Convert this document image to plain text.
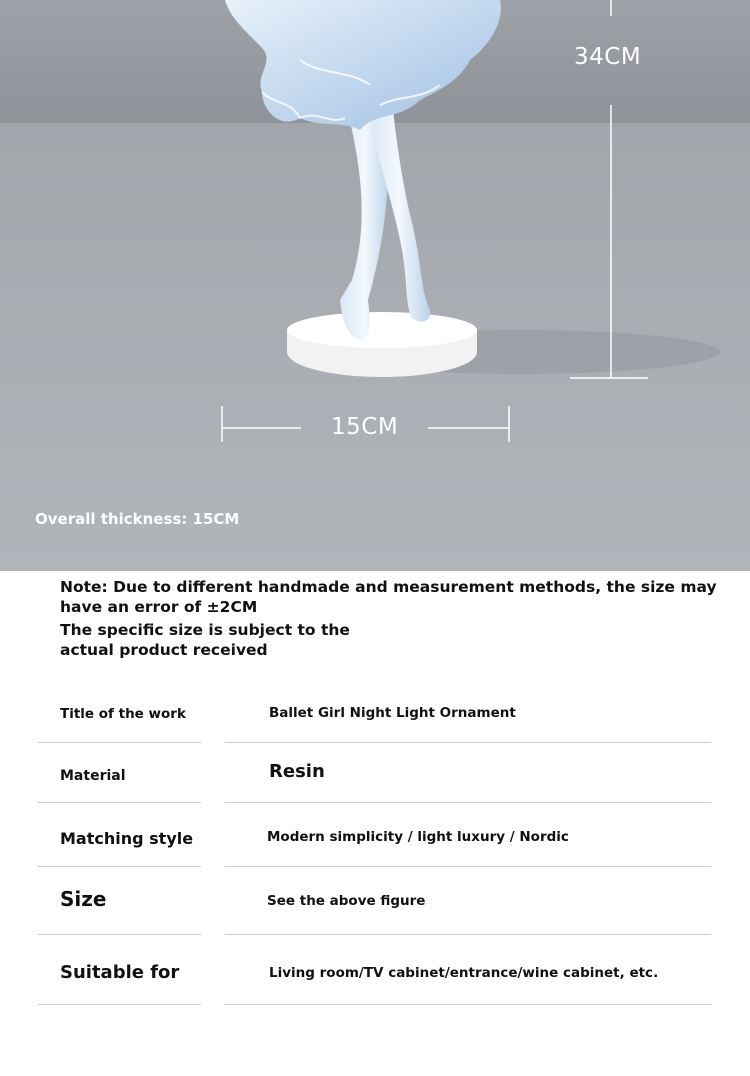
34CM
15CM
Overall thickness: 15CM

Note: Due to different handmade and measurement methods, the size may have an error of ±2CM

The specific size is subject to the actual product received

Title of the work	Ballet Girl Night Light Ornament
Material	Resin
Matching style	Modern simplicity / light luxury / Nordic
Size	See the above figure
Suitable for	Living room/TV cabinet/entrance/wine cabinet, etc.
